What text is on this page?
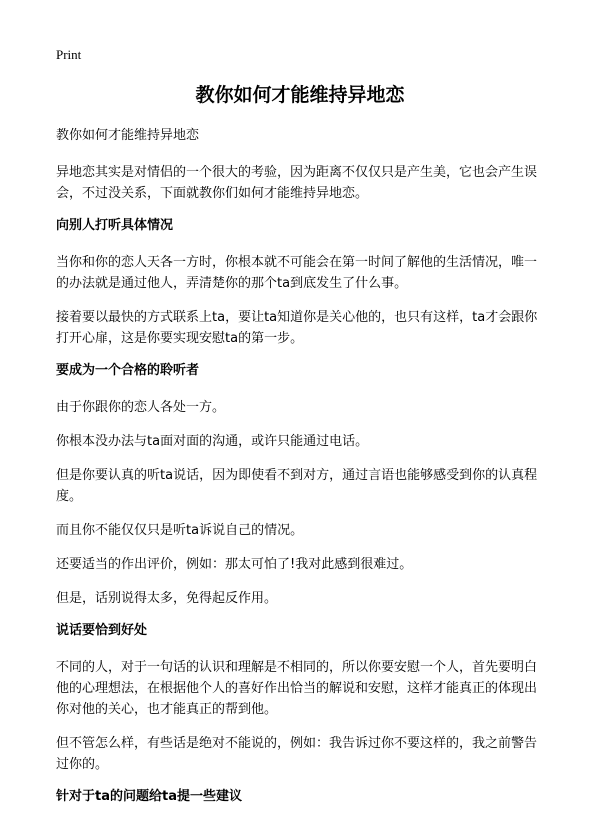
Print
教你如何才能维持异地恋

教你如何才能维持异地恋

异地恋其实是对情侣的一个很大的考验，因为距离不仅仅只是产生美，它也会产生误会，不过没关系，下面就教你们如何才能维持异地恋。

向别人打听具体情况

当你和你的恋人天各一方时，你根本就不可能会在第一时间了解他的生活情况，唯一的办法就是通过他人，弄清楚你的那个ta到底发生了什么事。

接着要以最快的方式联系上ta，要让ta知道你是关心他的，也只有这样，ta才会跟你打开心扉，这是你要实现安慰ta的第一步。

要成为一个合格的聆听者

由于你跟你的恋人各处一方。

你根本没办法与ta面对面的沟通，或许只能通过电话。

但是你要认真的听ta说话，因为即使看不到对方，通过言语也能够感受到你的认真程度。

而且你不能仅仅只是听ta诉说自己的情况。

还要适当的作出评价，例如：那太可怕了!我对此感到很难过。

但是，话别说得太多，免得起反作用。

说话要恰到好处

不同的人，对于一句话的认识和理解是不相同的，所以你要安慰一个人，首先要明白他的心理想法，在根据他个人的喜好作出恰当的解说和安慰，这样才能真正的体现出你对他的关心，也才能真正的帮到他。

但不管怎么样，有些话是绝对不能说的，例如：我告诉过你不要这样的，我之前警告过你的。

针对于ta的问题给ta提一些建议
